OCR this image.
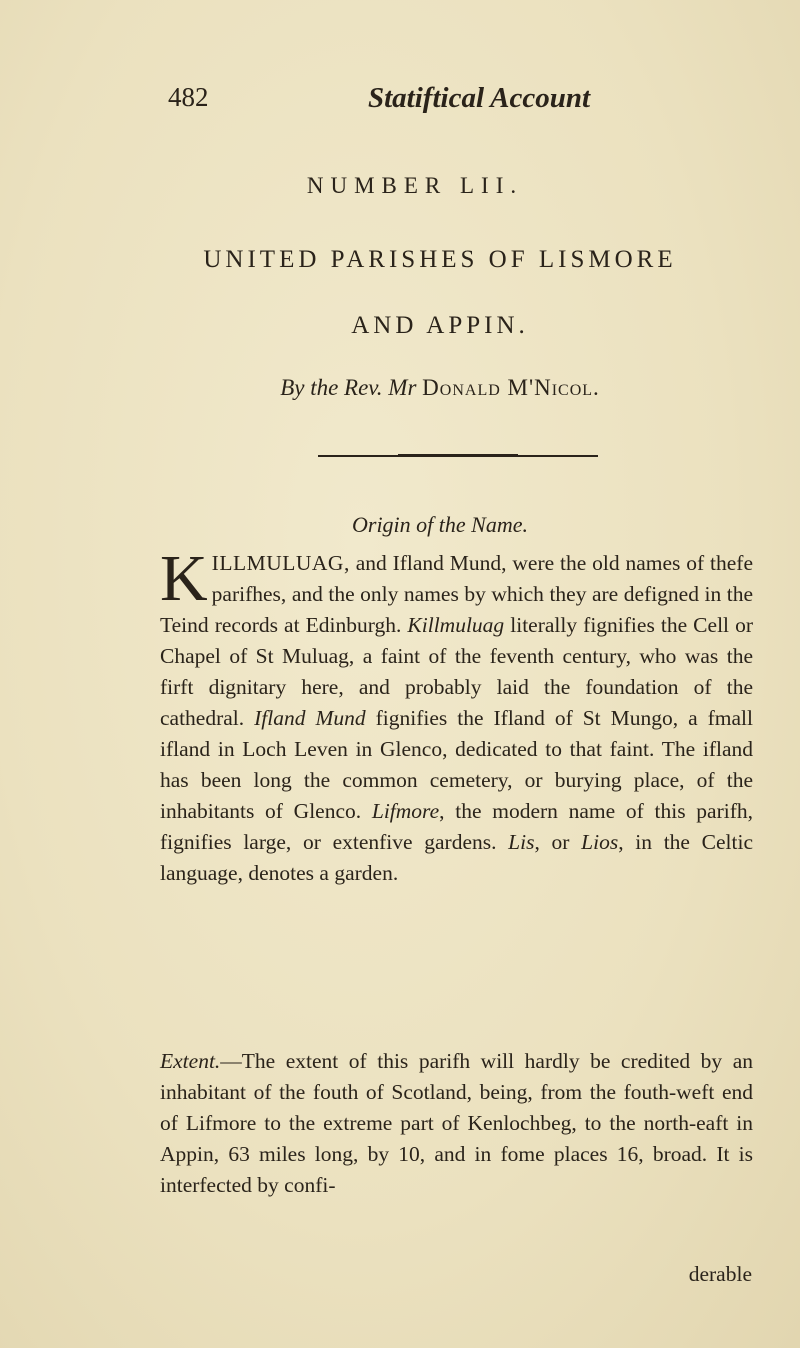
482	Statiftical Account
NUMBER LII.
UNITED PARISHES OF LISMORE
AND APPIN.
By the Rev. Mr Donald M'Nicol.
Origin of the Name.
KILLMULUAG, and Ifland Mund, were the old names of thefe parifhes, and the only names by which they are defigned in the Teind records at Edinburgh. Killmuluag literally fignifies the Cell or Chapel of St Muluag, a faint of the feventh century, who was the firft dignitary here, and probably laid the foundation of the cathedral. Ifland Mund fignifies the Ifland of St Mungo, a fmall ifland in Loch Leven in Glenco, dedicated to that faint. The ifland has been long the common cemetery, or burying place, of the inhabitants of Glenco. Lifmore, the modern name of this parifh, fignifies large, or extenfive gardens. Lis, or Lios, in the Celtic language, denotes a garden.
Extent.—The extent of this parifh will hardly be credited by an inhabitant of the fouth of Scotland, being, from the fouth-weft end of Lifmore to the extreme part of Kenlochbeg, to the north-eaft in Appin, 63 miles long, by 10, and in fome places 16, broad. It is interfected by confi-
derable
